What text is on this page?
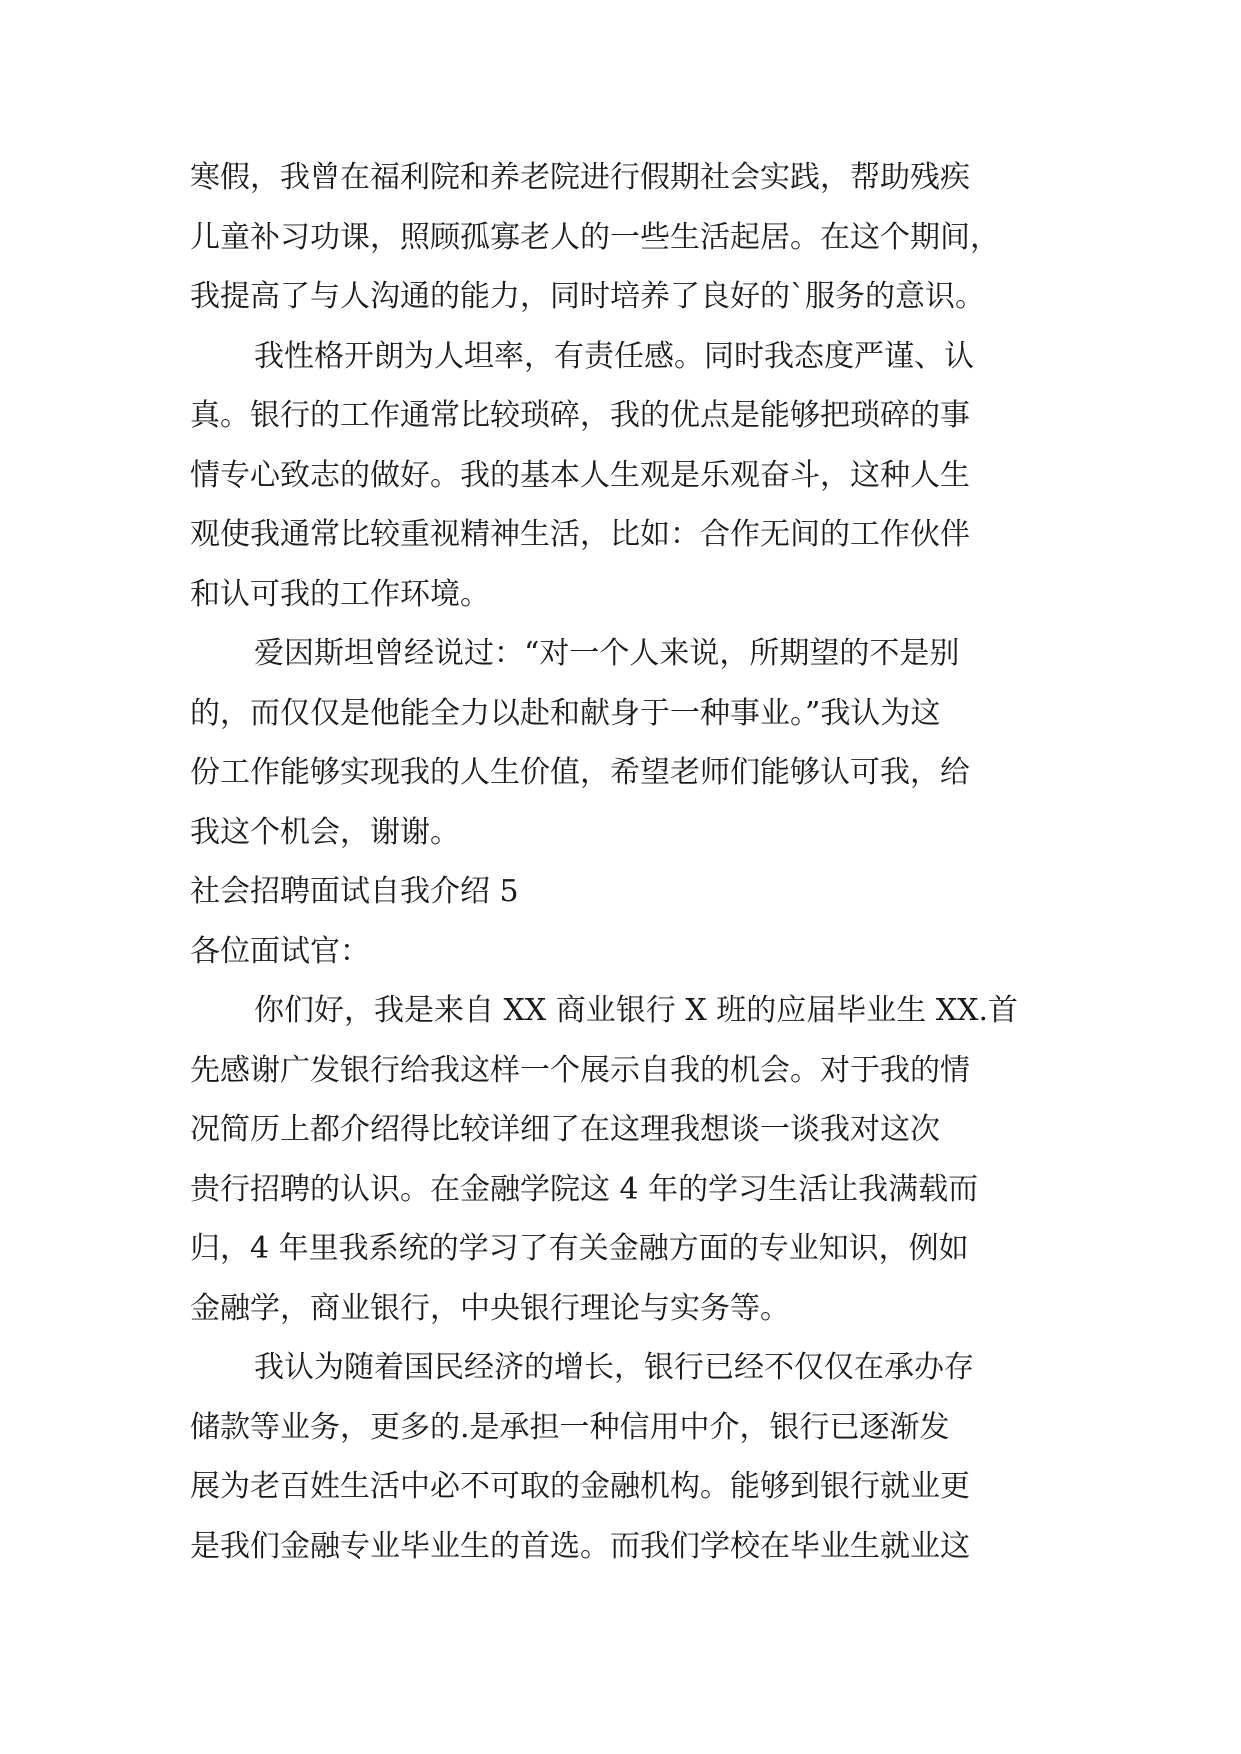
寒假，我曾在福利院和养老院进行假期社会实践，帮助残疾
儿童补习功课，照顾孤寡老人的一些生活起居。在这个期间，
我提高了与人沟通的能力，同时培养了良好的`服务的意识。
我性格开朗为人坦率，有责任感。同时我态度严谨、认
真。银行的工作通常比较琐碎，我的优点是能够把琐碎的事
情专心致志的做好。我的基本人生观是乐观奋斗，这种人生
观使我通常比较重视精神生活，比如：合作无间的工作伙伴
和认可我的工作环境。
爱因斯坦曾经说过：“对一个人来说，所期望的不是别
的，而仅仅是他能全力以赴和献身于一种事业。”我认为这
份工作能够实现我的人生价值，希望老师们能够认可我，给
我这个机会，谢谢。
社会招聘面试自我介绍 5
各位面试官：
你们好，我是来自 XX 商业银行 X 班的应届毕业生 XX.首
先感谢广发银行给我这样一个展示自我的机会。对于我的情
况简历上都介绍得比较详细了在这理我想谈一谈我对这次
贵行招聘的认识。在金融学院这 4 年的学习生活让我满载而
归，4 年里我系统的学习了有关金融方面的专业知识，例如
金融学，商业银行，中央银行理论与实务等。
我认为随着国民经济的增长，银行已经不仅仅在承办存
储款等业务，更多的.是承担一种信用中介，银行已逐渐发
展为老百姓生活中必不可取的金融机构。能够到银行就业更
是我们金融专业毕业生的首选。而我们学校在毕业生就业这
